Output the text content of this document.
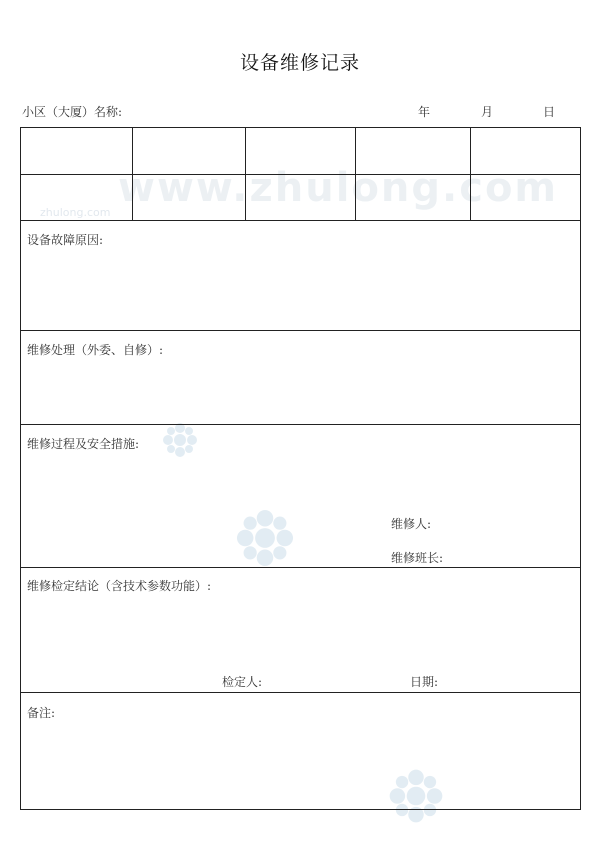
设备维修记录
小区（大厦）名称:	年	月	日
www.zhulong.com
zhulong.com
设备故障原因:
维修处理（外委、自修）:
维修过程及安全措施:
维修人:
维修班长:
维修检定结论（含技术参数功能）:
检定人:	日期:
备注:
